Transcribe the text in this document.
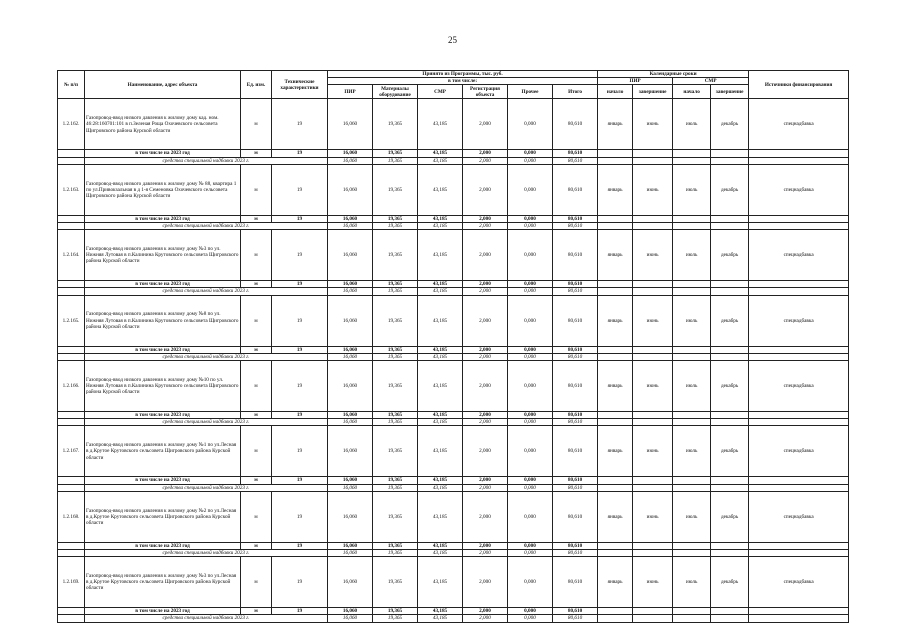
25
№ п/п	Наименование, адрес объекта	Ед. изм.	Технические характеристики	Принято из Программы, тыс. руб.						Календарные сроки				Источники финансирования
				в том числе:						ПИР		СМР		
				ПИР	Материалы оборудование	СМР	Регистрация объекта	Прочее	Итого	начало	завершение	начало	завершение	
1.2.162.	Газопровод-ввод низкого давления к жилому дому кад. ном. 46:28:160701:101 в п.Зеленая Роща Охочевского сельсовета Щигровского района Курской области	м	19	16,060	19,365	43,185	2,000	0,000	80,610	январь	июнь	июль	декабрь	спецнадбавка
	в том числе на 2023 год	м	19	16,060	19,365	43,185	2,000	0,000	80,610					
	средства специальной надбавки 2023 г.			16,060	19,365	43,185	2,000	0,000	80,610					
1.2.163.	Газопровод-ввод низкого давления к жилому дому № 88, квартира 1 по ул.Привокзальная в д 1-я Семеновка Охочевского сельсовета Щигровского района Курской области	м	19	16,060	19,365	43,185	2,000	0,000	80,610	январь	июнь	июль	декабрь	спецнадбавка
	в том числе на 2023 год	м	19	16,060	19,365	43,185	2,000	0,000	80,610					
	средства специальной надбавки 2023 г.			16,060	19,365	43,185	2,000	0,000	80,610					
1.2.164.	Газопровод-ввод низкого давления к жилому дому №3 по ул. Нижняя Лутовая в п.Калинина Крутовского сельсовета Щигровского района Курской области	м	19	16,060	19,365	43,185	2,000	0,000	80,610	январь	июнь	июль	декабрь	спецнадбавка
	в том числе на 2023 год	м	19	16,060	19,365	43,185	2,000	0,000	80,610					
	средства специальной надбавки 2023 г.			16,060	19,365	43,185	2,000	0,000	80,610					
1.2.165.	Газопровод-ввод низкого давления к жилому дому №8 по ул. Нижняя Лутовая в п.Калинина Крутовского сельсовета Щигровского района Курской области	м	19	16,060	19,365	43,185	2,000	0,000	80,610	январь	июнь	июль	декабрь	спецнадбавка
	в том числе на 2023 год	м	19	16,060	19,365	43,185	2,000	0,000	80,610					
	средства специальной надбавки 2023 г.			16,060	19,365	43,185	2,000	0,000	80,610					
1.2.166.	Газопровод-ввод низкого давления к жилому дому №10 по ул. Нижняя Лутовая в п.Калинина Крутовского сельсовета Щигровского района Курской области	м	19	16,060	19,365	43,185	2,000	0,000	80,610	январь	июнь	июль	декабрь	спецнадбавка
	в том числе на 2023 год	м	19	16,060	19,365	43,185	2,000	0,000	80,610					
	средства специальной надбавки 2023 г.			16,060	19,365	43,185	2,000	0,000	80,610					
1.2.167.	Газопровод-ввод низкого давления к жилому дому №1 по ул.Лесная в д.Крутое Крутовского сельсовета Щигровского района Курской области	м	19	16,060	19,365	43,185	2,000	0,000	80,610	январь	июнь	июль	декабрь	спецнадбавка
	в том числе на 2023 год	м	19	16,060	19,365	43,185	2,000	0,000	80,610					
	средства специальной надбавки 2023 г.			16,060	19,365	43,185	2,000	0,000	80,610					
1.2.168.	Газопровод-ввод низкого давления к жилому дому №2 по ул.Лесная в д.Крутое Крутовского сельсовета Щигровского района Курской области	м	19	16,060	19,365	43,185	2,000	0,000	80,610	январь	июнь	июль	декабрь	спецнадбавка
	в том числе на 2023 год	м	19	16,060	19,365	43,185	2,000	0,000	80,610					
	средства специальной надбавки 2023 г.			16,060	19,365	43,185	2,000	0,000	80,610					
1.2.169.	Газопровод-ввод низкого давления к жилому дому №3 по ул.Лесная в д.Крутое Крутовского сельсовета Щигровского района Курской области	м	19	16,060	19,365	43,185	2,000	0,000	80,610	январь	июнь	июль	декабрь	спецнадбавка
	в том числе на 2023 год	м	19	16,060	19,365	43,185	2,000	0,000	80,610					
	средства специальной надбавки 2023 г.			16,060	19,365	43,185	2,000	0,000	80,610					
